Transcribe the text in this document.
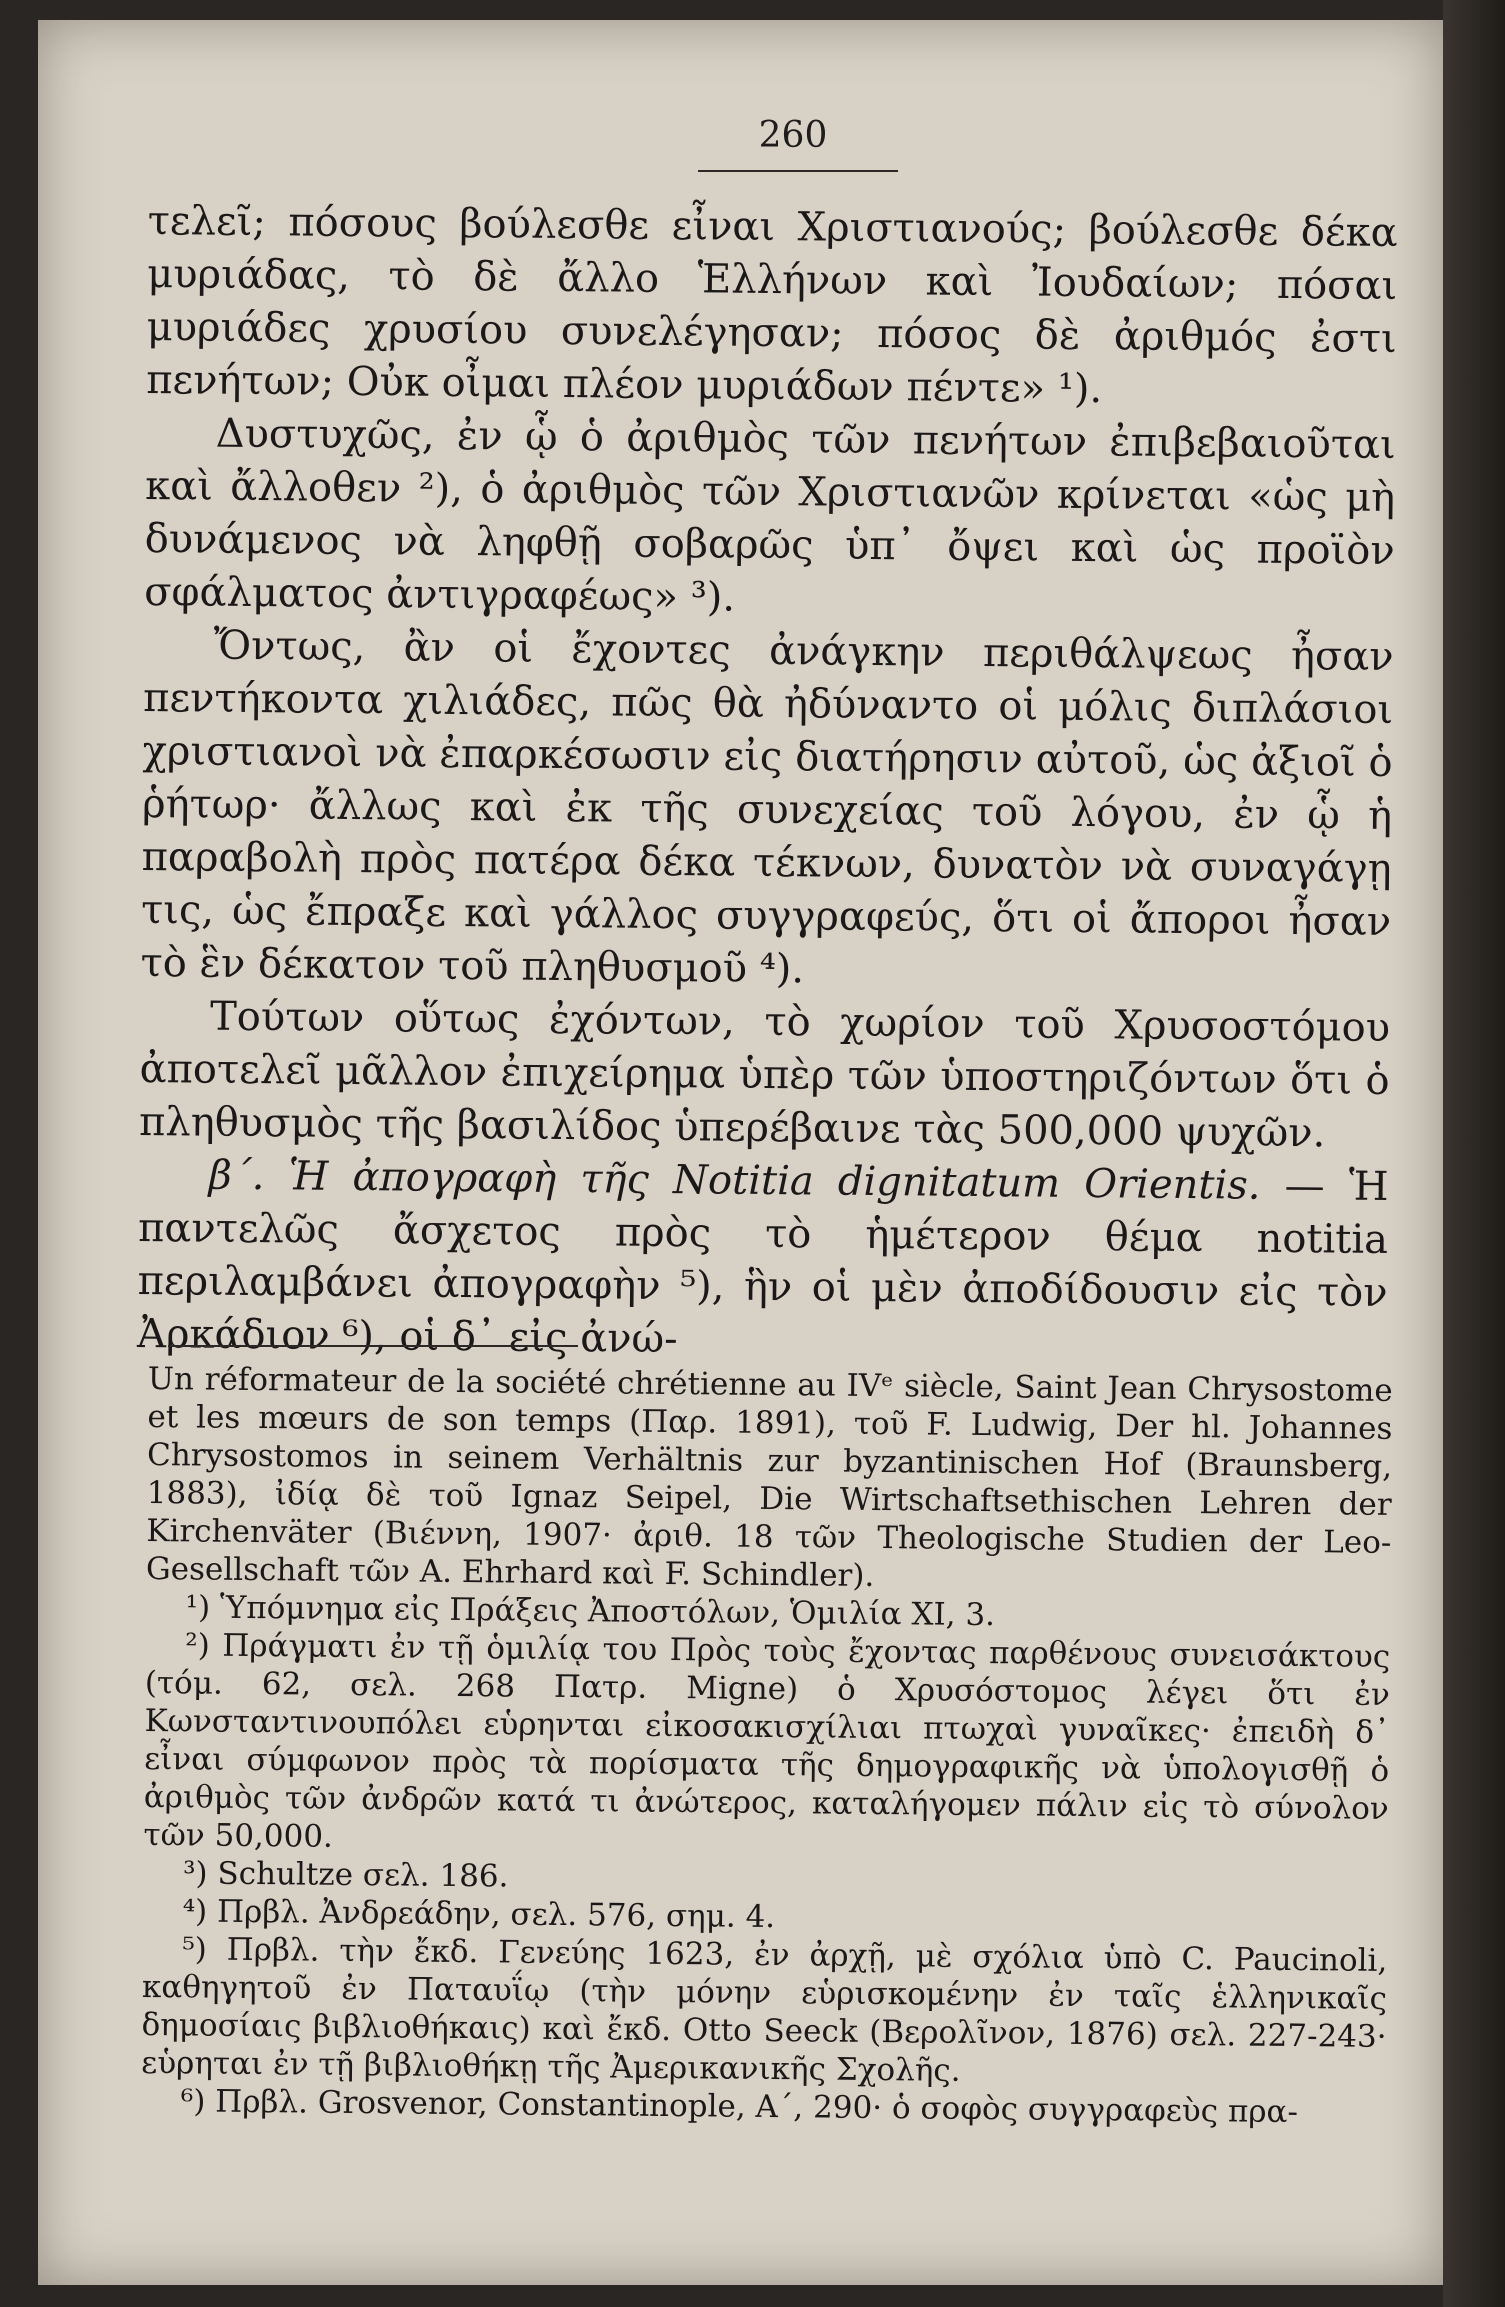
260

τελεῖ; πόσους βούλεσθε εἶναι Χριστιανούς; βούλεσθε δέκα μυριάδας, τὸ δὲ ἄλλο Ἑλλήνων καὶ Ἰουδαίων; πόσαι μυριάδες χρυσίου συνελέγησαν; πόσος δὲ ἀριθμός ἐστι πενήτων; Οὐκ οἶμαι πλέον μυριάδων πέντε» ¹).

Δυστυχῶς, ἐν ᾧ ὁ ἀριθμὸς τῶν πενήτων ἐπιβεβαιοῦται καὶ ἄλλοθεν ²), ὁ ἀριθμὸς τῶν Χριστιανῶν κρίνεται «ὡς μὴ δυνάμενος νὰ ληφθῇ σοβαρῶς ὑπ᾽ ὄψει καὶ ὡς προϊὸν σφάλματος ἀντιγραφέως» ³).

Ὄντως, ἂν οἱ ἔχοντες ἀνάγκην περιθάλψεως ἦσαν πεντήκοντα χιλιάδες, πῶς θὰ ἠδύναντο οἱ μόλις διπλάσιοι χριστιανοὶ νὰ ἐπαρκέσωσιν εἰς διατήρησιν αὐτοῦ, ὡς ἀξιοῖ ὁ ῥήτωρ· ἄλλως καὶ ἐκ τῆς συνεχείας τοῦ λόγου, ἐν ᾧ ἡ παραβολὴ πρὸς πατέρα δέκα τέκνων, δυνατὸν νὰ συναγάγῃ τις, ὡς ἔπραξε καὶ γάλλος συγγραφεύς, ὅτι οἱ ἄποροι ἦσαν τὸ ἓν δέκατον τοῦ πληθυσμοῦ ⁴).

Τούτων οὕτως ἐχόντων, τὸ χωρίον τοῦ Χρυσοστόμου ἀποτελεῖ μᾶλλον ἐπιχείρημα ὑπὲρ τῶν ὑποστηριζόντων ὅτι ὁ πληθυσμὸς τῆς βασιλίδος ὑπερέβαινε τὰς 500,000 ψυχῶν.

β΄. Ἡ ἀπογραφὴ τῆς Notitia dignitatum Orientis. — Ἡ παντελῶς ἄσχετος πρὸς τὸ ἡμέτερον θέμα notitia περιλαμβάνει ἀπογραφὴν ⁵), ἣν οἱ μὲν ἀποδίδουσιν εἰς τὸν Ἀρκάδιον ⁶), οἱ δ᾽ εἰς ἀνώ-

Un réformateur de la société chrétienne au IVᵉ siècle, Saint Jean Chrysostome et les mœurs de son temps (Παρ. 1891), τοῦ F. Ludwig, Der hl. Johannes Chrysostomos in seinem Verhältnis zur byzantinischen Hof (Braunsberg, 1883), ἰδίᾳ δὲ τοῦ Ignaz Seipel, Die Wirtschaftsethischen Lehren der Kirchenväter (Βιέννη, 1907· ἀριθ. 18 τῶν Theologische Studien der Leo-Gesellschaft τῶν A. Ehrhard καὶ F. Schindler).

¹) Ὑπόμνημα εἰς Πράξεις Ἀποστόλων, Ὁμιλία XI, 3.

²) Πράγματι ἐν τῇ ὁμιλίᾳ του Πρὸς τοὺς ἔχοντας παρθένους συνεισάκτους (τόμ. 62, σελ. 268 Πατρ. Migne) ὁ Χρυσόστομος λέγει ὅτι ἐν Κωνσταντινουπόλει εὑρηνται εἰκοσακισχίλιαι πτωχαὶ γυναῖκες· ἐπειδὴ δ᾽ εἶναι σύμφωνον πρὸς τὰ πορίσματα τῆς δημογραφικῆς νὰ ὑπολογισθῇ ὁ ἀριθμὸς τῶν ἀνδρῶν κατά τι ἀνώτερος, καταλήγομεν πάλιν εἰς τὸ σύνολον τῶν 50,000.

³) Schultze σελ. 186.

⁴) Πρβλ. Ἀνδρεάδην, σελ. 576, σημ. 4.

⁵) Πρβλ. τὴν ἔκδ. Γενεύης 1623, ἐν ἀρχῇ, μὲ σχόλια ὑπὸ C. Paucinoli, καθηγητοῦ ἐν Παταυΐῳ (τὴν μόνην εὑρισκομένην ἐν ταῖς ἑλληνικαῖς δημοσίαις βιβλιοθήκαις) καὶ ἔκδ. Otto Seeck (Βερολῖνον, 1876) σελ. 227-243· εὑρηται ἐν τῇ βιβλιοθήκῃ τῆς Ἀμερικανικῆς Σχολῆς.

⁶) Πρβλ. Grosvenor, Constantinople, Α΄, 290· ὁ σοφὸς συγγραφεὺς πρα-
